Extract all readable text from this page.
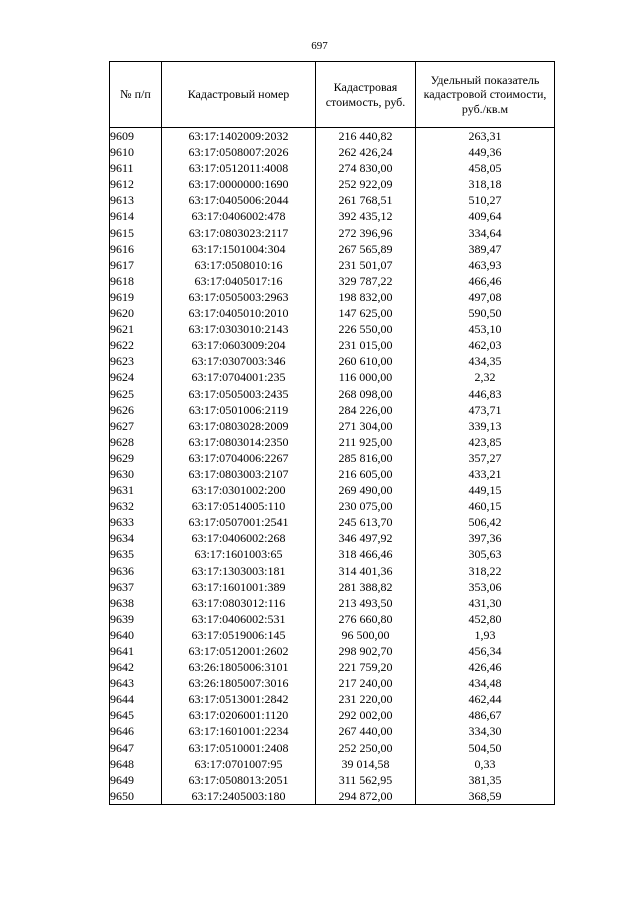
697
№ п/п	Кадастровый номер	Кадастровая стоимость, руб.	Удельный показатель кадастровой стоимости, руб./кв.м
9609	63:17:1402009:2032	216 440,82	263,31
9610	63:17:0508007:2026	262 426,24	449,36
9611	63:17:0512011:4008	274 830,00	458,05
9612	63:17:0000000:1690	252 922,09	318,18
9613	63:17:0405006:2044	261 768,51	510,27
9614	63:17:0406002:478	392 435,12	409,64
9615	63:17:0803023:2117	272 396,96	334,64
9616	63:17:1501004:304	267 565,89	389,47
9617	63:17:0508010:16	231 501,07	463,93
9618	63:17:0405017:16	329 787,22	466,46
9619	63:17:0505003:2963	198 832,00	497,08
9620	63:17:0405010:2010	147 625,00	590,50
9621	63:17:0303010:2143	226 550,00	453,10
9622	63:17:0603009:204	231 015,00	462,03
9623	63:17:0307003:346	260 610,00	434,35
9624	63:17:0704001:235	116 000,00	2,32
9625	63:17:0505003:2435	268 098,00	446,83
9626	63:17:0501006:2119	284 226,00	473,71
9627	63:17:0803028:2009	271 304,00	339,13
9628	63:17:0803014:2350	211 925,00	423,85
9629	63:17:0704006:2267	285 816,00	357,27
9630	63:17:0803003:2107	216 605,00	433,21
9631	63:17:0301002:200	269 490,00	449,15
9632	63:17:0514005:110	230 075,00	460,15
9633	63:17:0507001:2541	245 613,70	506,42
9634	63:17:0406002:268	346 497,92	397,36
9635	63:17:1601003:65	318 466,46	305,63
9636	63:17:1303003:181	314 401,36	318,22
9637	63:17:1601001:389	281 388,82	353,06
9638	63:17:0803012:116	213 493,50	431,30
9639	63:17:0406002:531	276 660,80	452,80
9640	63:17:0519006:145	96 500,00	1,93
9641	63:17:0512001:2602	298 902,70	456,34
9642	63:26:1805006:3101	221 759,20	426,46
9643	63:26:1805007:3016	217 240,00	434,48
9644	63:17:0513001:2842	231 220,00	462,44
9645	63:17:0206001:1120	292 002,00	486,67
9646	63:17:1601001:2234	267 440,00	334,30
9647	63:17:0510001:2408	252 250,00	504,50
9648	63:17:0701007:95	39 014,58	0,33
9649	63:17:0508013:2051	311 562,95	381,35
9650	63:17:2405003:180	294 872,00	368,59
